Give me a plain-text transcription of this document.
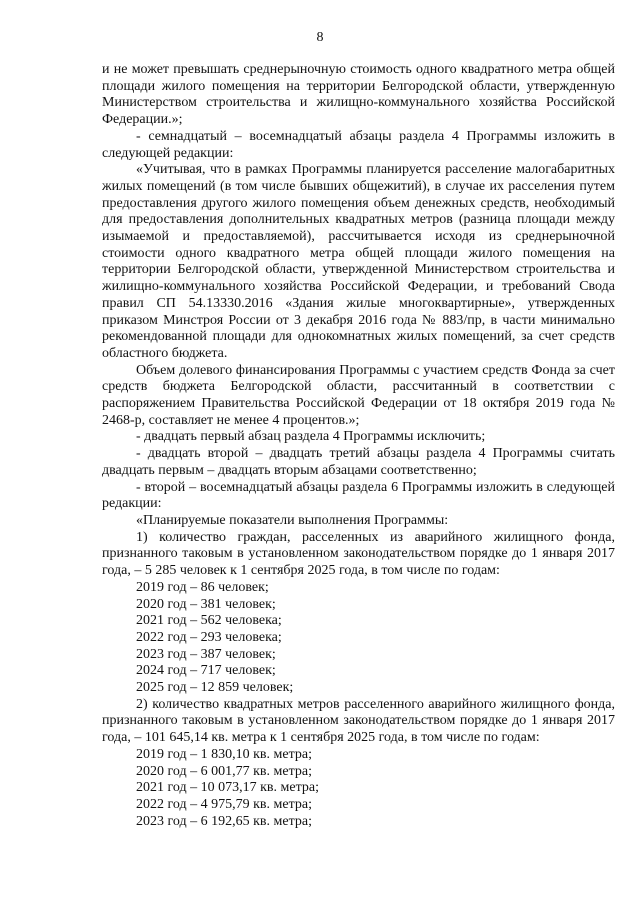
8

и не может превышать среднерыночную стоимость одного квадратного метра общей площади жилого помещения на территории Белгородской области, утвержденную Министерством строительства и жилищно-коммунального хозяйства Российской Федерации.»;

- семнадцатый – восемнадцатый абзацы раздела 4 Программы изложить в следующей редакции:

«Учитывая, что в рамках Программы планируется расселение малогабаритных жилых помещений (в том числе бывших общежитий), в случае их расселения путем предоставления другого жилого помещения объем денежных средств, необходимый для предоставления дополнительных квадратных метров (разница площади между изымаемой и предоставляемой), рассчитывается исходя из среднерыночной стоимости одного квадратного метра общей площади жилого помещения на территории Белгородской области, утвержденной Министерством строительства и жилищно-коммунального хозяйства Российской Федерации, и требований Свода правил СП 54.13330.2016 «Здания жилые многоквартирные», утвержденных приказом Минстроя России от 3 декабря 2016 года № 883/пр, в части минимально рекомендованной площади для однокомнатных жилых помещений, за счет средств областного бюджета.

Объем долевого финансирования Программы с участием средств Фонда за счет средств бюджета Белгородской области, рассчитанный в соответствии с распоряжением Правительства Российской Федерации от 18 октября 2019 года № 2468-р, составляет не менее 4 процентов.»;

- двадцать первый абзац раздела 4 Программы исключить;

- двадцать второй – двадцать третий абзацы раздела 4 Программы считать двадцать первым – двадцать вторым абзацами соответственно;

- второй – восемнадцатый абзацы раздела 6 Программы изложить в следующей редакции:

«Планируемые показатели выполнения Программы:

1) количество граждан, расселенных из аварийного жилищного фонда, признанного таковым в установленном законодательством порядке до 1 января 2017 года, – 5 285 человек к 1 сентября 2025 года, в том числе по годам:

2019 год – 86 человек;
2020 год – 381 человек;
2021 год – 562 человека;
2022 год – 293 человека;
2023 год – 387 человек;
2024 год – 717 человек;
2025 год – 12 859 человек;

2) количество квадратных метров расселенного аварийного жилищного фонда, признанного таковым в установленном законодательством порядке до 1 января 2017 года, – 101 645,14 кв. метра к 1 сентября 2025 года, в том числе по годам:

2019 год – 1 830,10 кв. метра;
2020 год – 6 001,77 кв. метра;
2021 год – 10 073,17 кв. метра;
2022 год – 4 975,79 кв. метра;
2023 год – 6 192,65 кв. метра;
